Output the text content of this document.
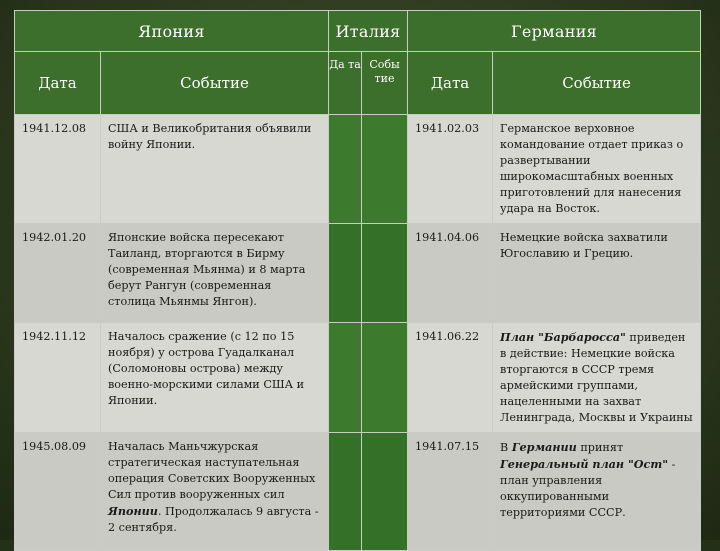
Япония		Италия		Германия	
Дата	Событие	Да та	Собы тие	Дата	Событие
1941.12.08	США и Великобритания объявили войну Японии.			1941.02.03	Германское верховное командование отдает приказ о развертывании широкомасштабных военных приготовлений для нанесения удара на Восток.
1942.01.20	Японские войска пересекают Таиланд, вторгаются в Бирму (современная Мьянма) и 8 марта берут Рангун (современная столица Мьянмы Янгон).			1941.04.06	Немецкие войска захватили Югославию и Грецию.
1942.11.12	Началось сражение (с 12 по 15 ноября) у острова Гуадалканал (Соломоновы острова) между военно-морскими силами США и Японии.			1941.06.22	План "Барбаросса" приведен в действие: Немецкие войска вторгаются в СССР тремя армейскими группами, нацеленными на захват Ленинграда, Москвы и Украины
1945.08.09	Началась Маньчжурская стратегическая наступательная операция Советских Вооруженных Сил против вооруженных сил Японии. Продолжалась 9 августа - 2 сентября.			1941.07.15	В Германии принят Генеральный план "Ост" - план управления оккупированными территориями СССР.
